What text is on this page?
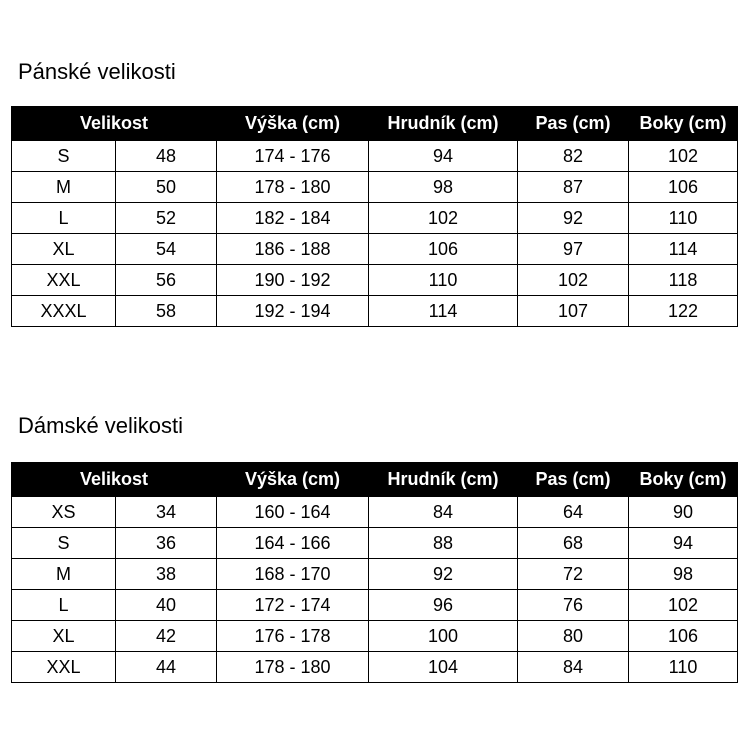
Pánské velikosti
Velikost		Výška (cm)	Hrudník (cm)	Pas (cm)	Boky (cm)
S	48	174 - 176	94	82	102
M	50	178 - 180	98	87	106
L	52	182 - 184	102	92	110
XL	54	186 - 188	106	97	114
XXL	56	190 - 192	110	102	118
XXXL	58	192 - 194	114	107	122
Dámské velikosti
Velikost		Výška (cm)	Hrudník (cm)	Pas (cm)	Boky (cm)
XS	34	160 - 164	84	64	90
S	36	164 - 166	88	68	94
M	38	168 - 170	92	72	98
L	40	172 - 174	96	76	102
XL	42	176 - 178	100	80	106
XXL	44	178 - 180	104	84	110
